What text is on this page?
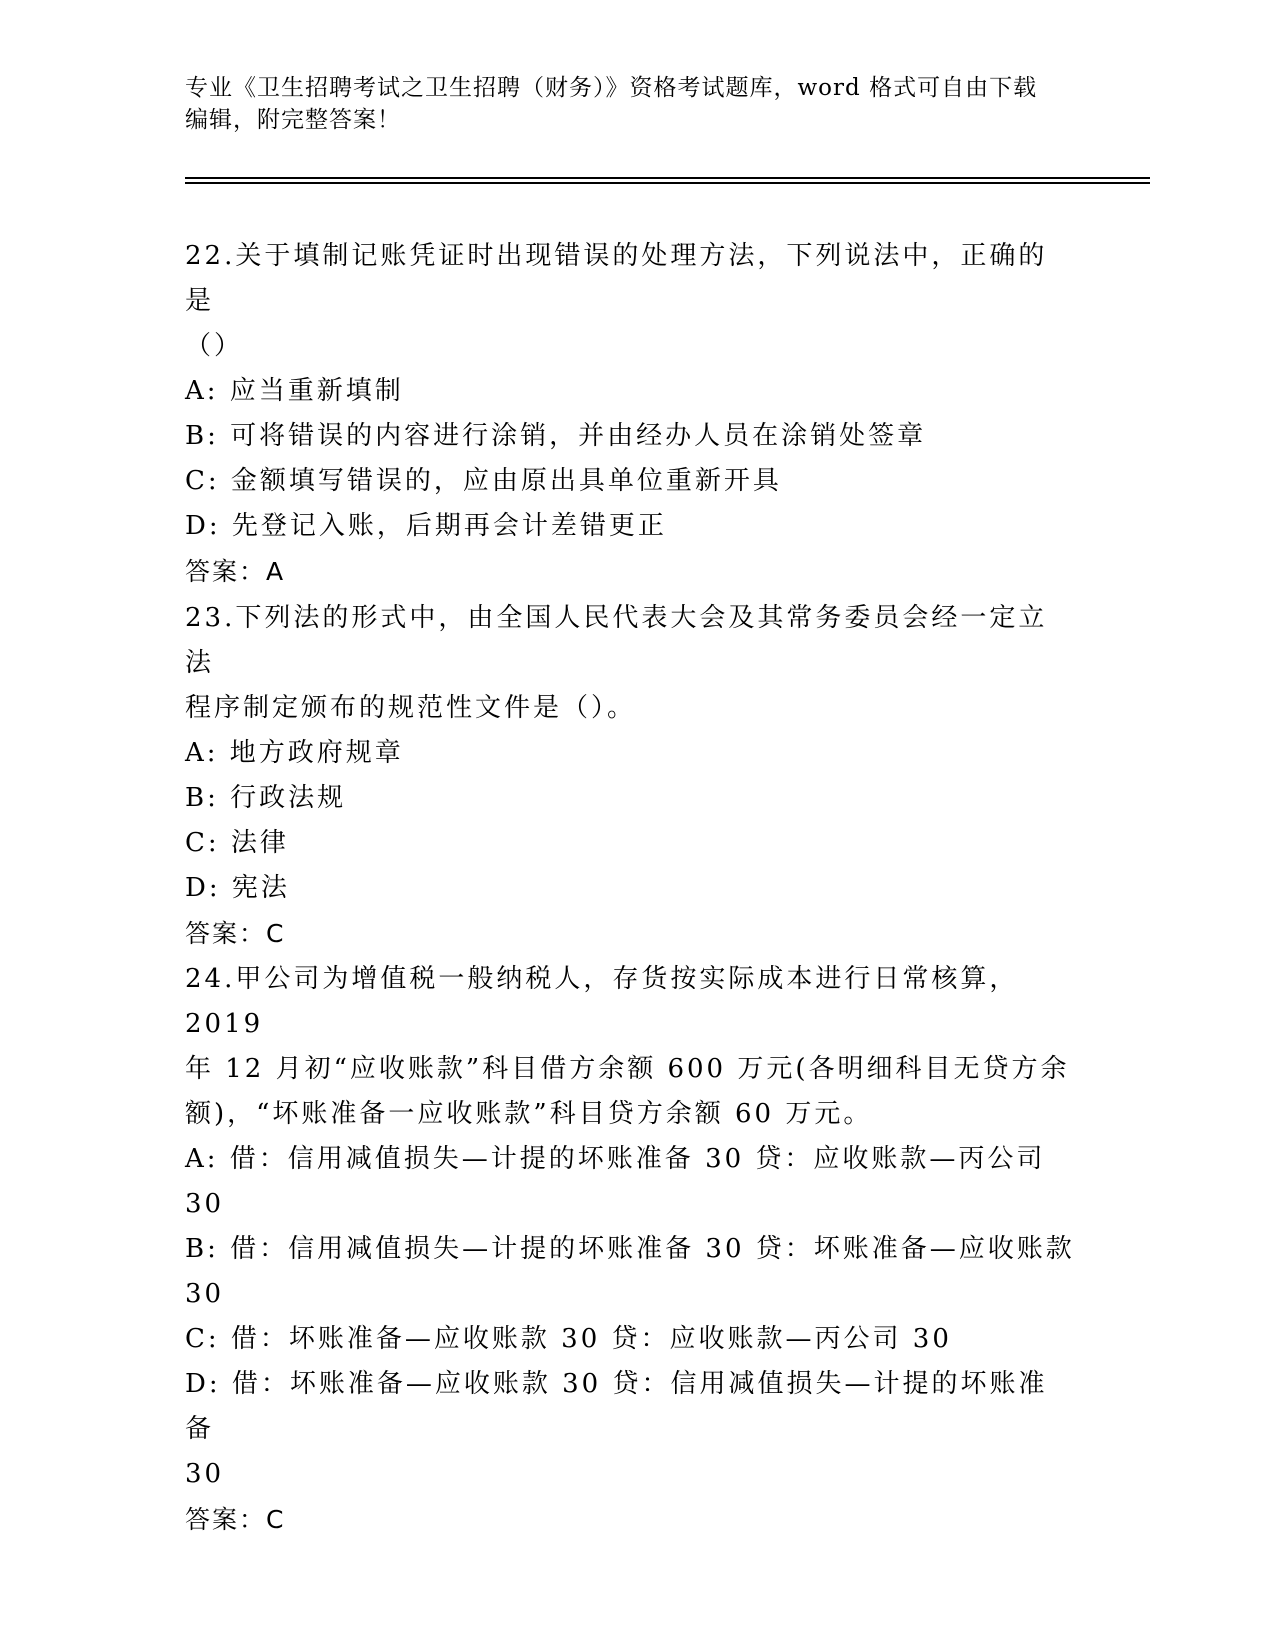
专业《卫生招聘考试之卫生招聘（财务）》资格考试题库，word 格式可自由下载
编辑，附完整答案！

22.关于填制记账凭证时出现错误的处理方法，下列说法中，正确的是

（）

A: 应当重新填制

B: 可将错误的内容进行涂销，并由经办人员在涂销处签章

C: 金额填写错误的，应由原出具单位重新开具

D: 先登记入账，后期再会计差错更正

答案：A

23.下列法的形式中，由全国人民代表大会及其常务委员会经一定立法

程序制定颁布的规范性文件是（）。

A: 地方政府规章

B: 行政法规

C: 法律

D: 宪法

答案：C

24.甲公司为增值税一般纳税人，存货按实际成本进行日常核算，2019

年 12 月初“应收账款”科目借方余额 600 万元(各明细科目无贷方余

额)，“坏账准备一应收账款”科目贷方余额 60 万元。

A: 借：信用减值损失—计提的坏账准备 30 贷：应收账款—丙公司 30

B: 借：信用减值损失—计提的坏账准备 30 贷：坏账准备—应收账款

30

C: 借：坏账准备—应收账款 30 贷：应收账款—丙公司 30

D: 借：坏账准备—应收账款 30 贷：信用减值损失—计提的坏账准备

30

答案：C
